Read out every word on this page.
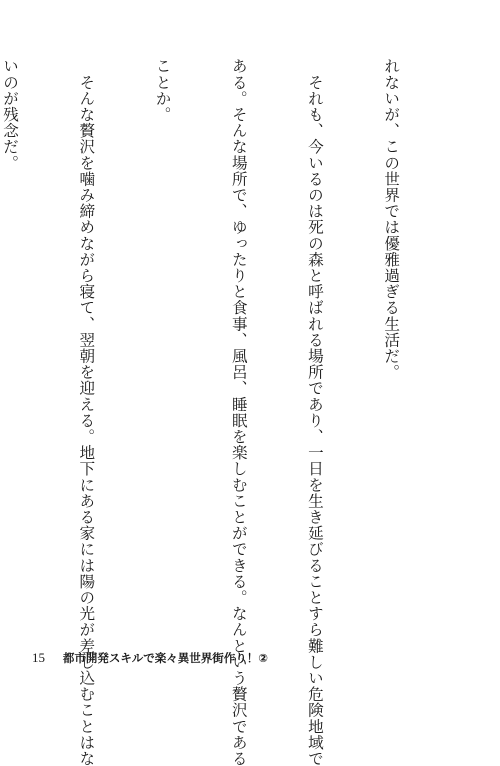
れないが、この世界では優雅過ぎる生活だ。

　それも、今いるのは死の森と呼ばれる場所であり、一日を生き延びることすら難しい危険地域で

ある。そんな場所で、ゆったりと食事、風呂、睡眠を楽しむことができる。なんという贅沢である

ことか。

　そんな贅沢を噛み締めながら寝て、翌朝を迎える。地下にある家には陽の光が差し込むことはな

いのが残念だ。

15 都市開発スキルで楽々異世界街作り！②
